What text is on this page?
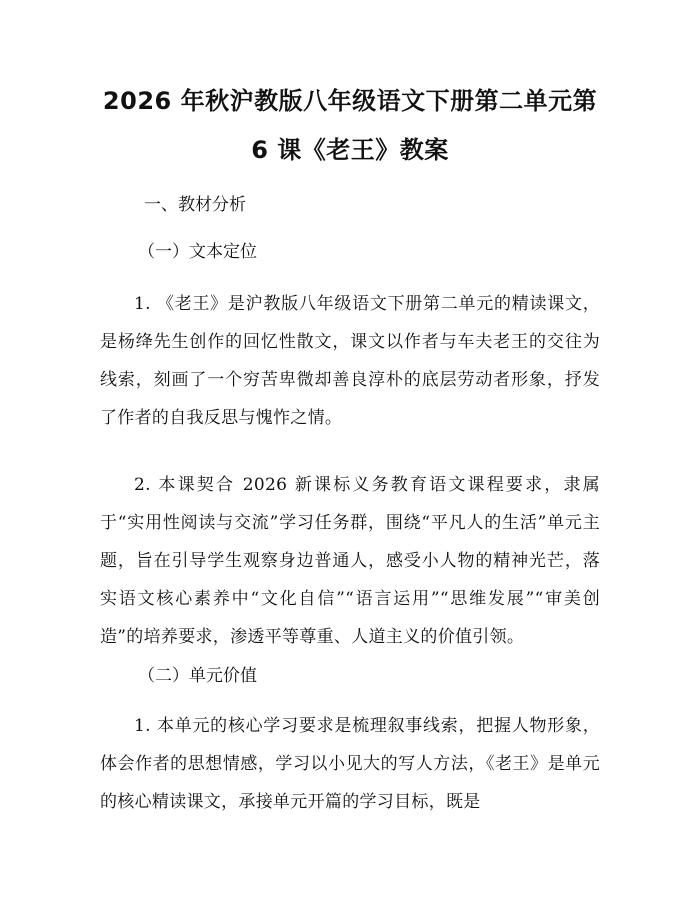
2026 年秋沪教版八年级语文下册第二单元第
6 课《老王》教案
一、教材分析
（一）文本定位
1. 《老王》是沪教版八年级语文下册第二单元的精读课文，是杨绛先生创作的回忆性散文，课文以作者与车夫老王的交往为线索，刻画了一个穷苦卑微却善良淳朴的底层劳动者形象，抒发了作者的自我反思与愧怍之情。
2. 本课契合 2026 新课标义务教育语文课程要求，隶属于“实用性阅读与交流”学习任务群，围绕“平凡人的生活”单元主题，旨在引导学生观察身边普通人，感受小人物的精神光芒，落实语文核心素养中“文化自信”“语言运用”“思维发展”“审美创造”的培养要求，渗透平等尊重、人道主义的价值引领。
（二）单元价值
1. 本单元的核心学习要求是梳理叙事线索，把握人物形象，体会作者的思想情感，学习以小见大的写人方法，《老王》是单元的核心精读课文，承接单元开篇的学习目标，既是
